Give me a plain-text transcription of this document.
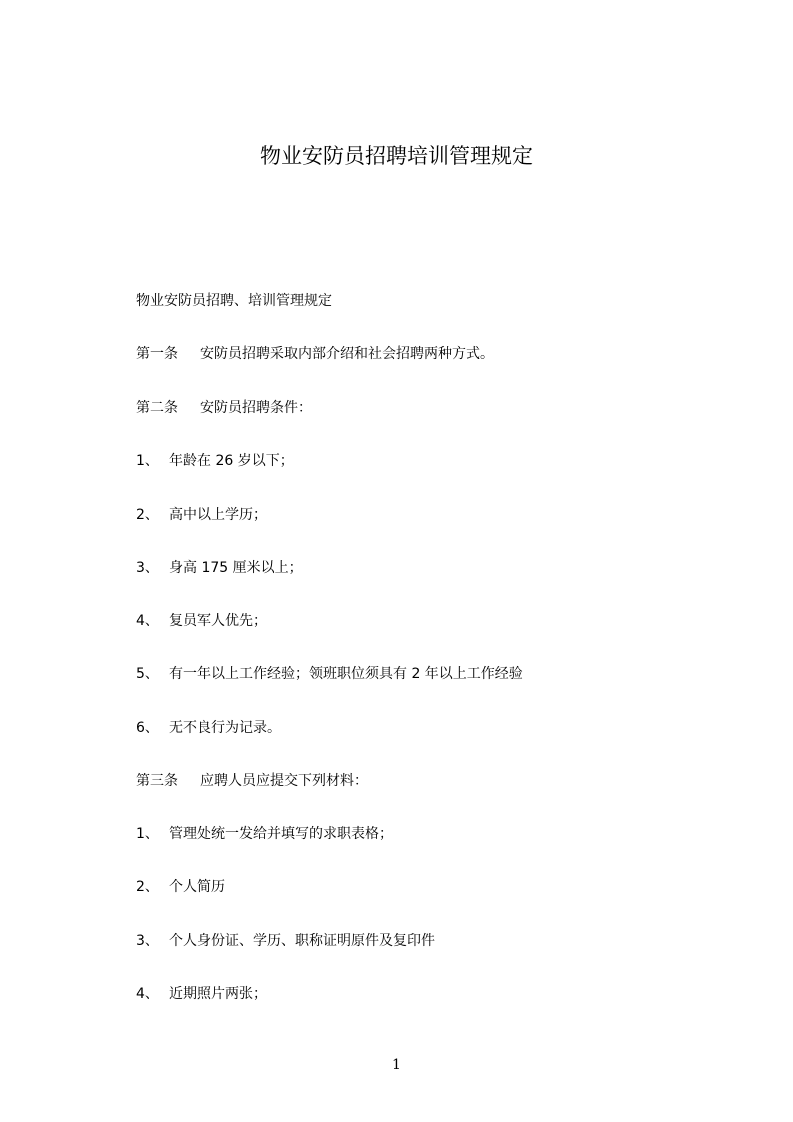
物业安防员招聘培训管理规定

物业安防员招聘、培训管理规定

第一条 安防员招聘采取内部介绍和社会招聘两种方式。

第二条 安防员招聘条件：

1、 年龄在 26 岁以下；

2、 高中以上学历；

3、 身高 175 厘米以上；

4、 复员军人优先；

5、 有一年以上工作经验；领班职位须具有 2 年以上工作经验

6、 无不良行为记录。

第三条 应聘人员应提交下列材料：

1、 管理处统一发给并填写的求职表格；

2、 个人简历

3、 个人身份证、学历、职称证明原件及复印件

4、 近期照片两张；

1
